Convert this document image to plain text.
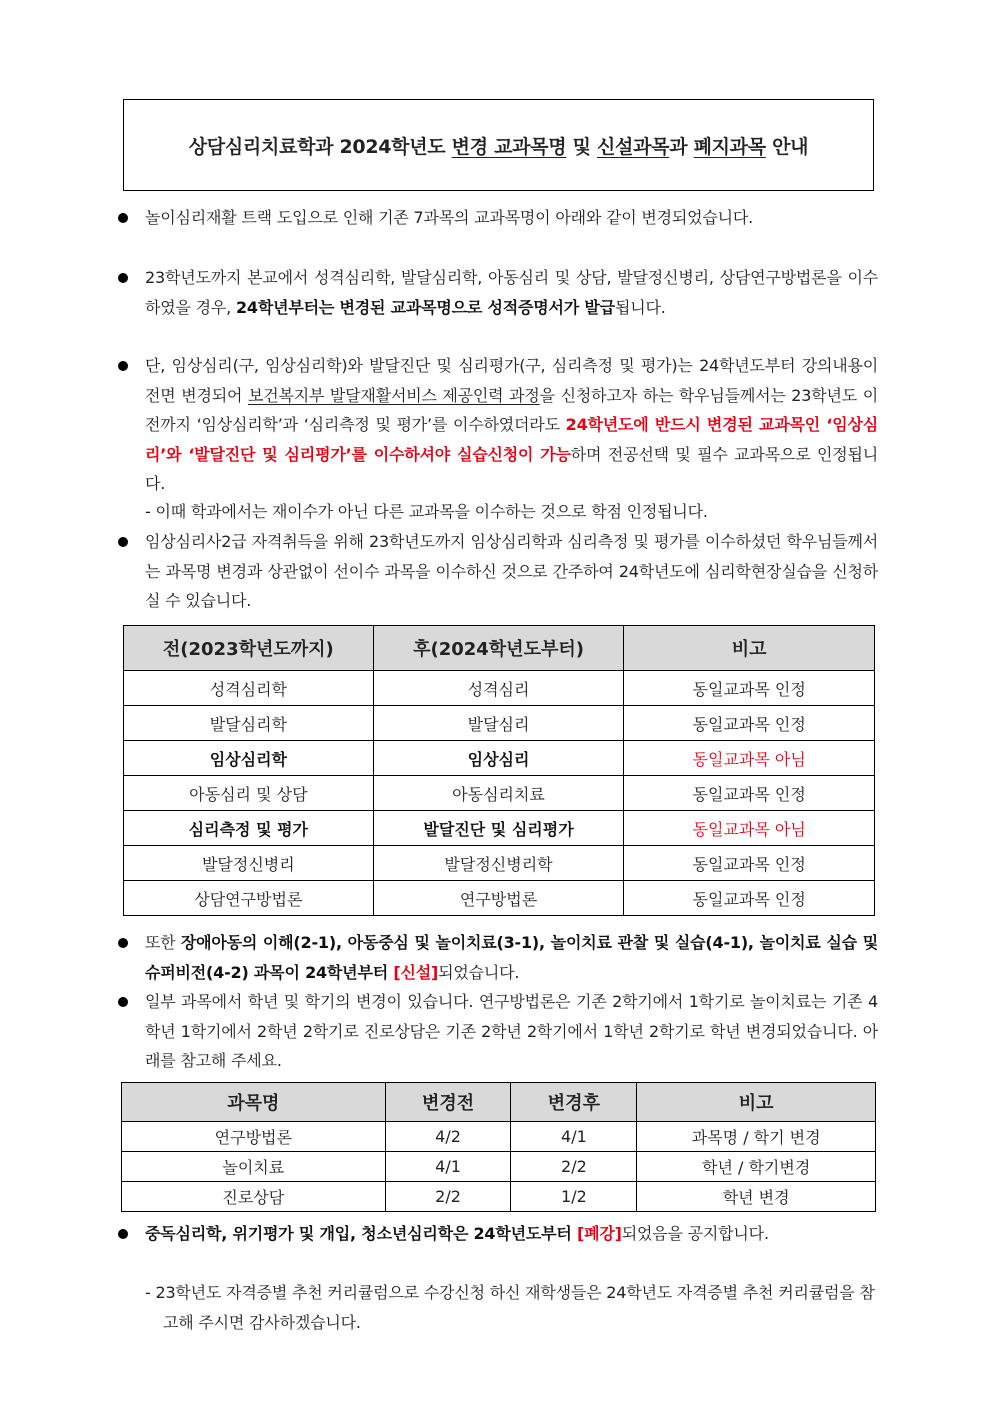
상담심리치료학과 2024학년도 변경 교과목명 및 신설과목과 폐지과목 안내
놀이심리재활 트랙 도입으로 인해 기존 7과목의 교과목명이 아래와 같이 변경되었습니다.
23학년도까지 본교에서 성격심리학, 발달심리학, 아동심리 및 상담, 발달정신병리, 상담연구방법론을 이수하였을 경우, 24학년부터는 변경된 교과목명으로 성적증명서가 발급됩니다.
단, 임상심리(구, 임상심리학)와 발달진단 및 심리평가(구, 심리측정 및 평가)는 24학년도부터 강의내용이 전면 변경되어 보건복지부 발달재활서비스 제공인력 과정을 신청하고자 하는 학우님들께서는 23학년도 이전까지 ‘임상심리학’과 ‘심리측정 및 평가’를 이수하였더라도 24학년도에 반드시 변경된 교과목인 ‘임상심리’와 ‘발달진단 및 심리평가’를 이수하셔야 실습신청이 가능하며 전공선택 및 필수 교과목으로 인정됩니다.
- 이때 학과에서는 재이수가 아닌 다른 교과목을 이수하는 것으로 학점 인정됩니다.
임상심리사2급 자격취득을 위해 23학년도까지 임상심리학과 심리측정 및 평가를 이수하셨던 학우님들께서는 과목명 변경과 상관없이 선이수 과목을 이수하신 것으로 간주하여 24학년도에 심리학현장실습을 신청하실 수 있습니다.
전(2023학년도까지)	후(2024학년도부터)	비고
성격심리학	성격심리	동일교과목 인정
발달심리학	발달심리	동일교과목 인정
임상심리학	임상심리	동일교과목 아님
아동심리 및 상담	아동심리치료	동일교과목 인정
심리측정 및 평가	발달진단 및 심리평가	동일교과목 아님
발달정신병리	발달정신병리학	동일교과목 인정
상담연구방법론	연구방법론	동일교과목 인정
또한 장애아동의 이해(2-1), 아동중심 및 놀이치료(3-1), 놀이치료 관찰 및 실습(4-1), 놀이치료 실습 및 슈퍼비전(4-2) 과목이 24학년부터 [신설]되었습니다.
일부 과목에서 학년 및 학기의 변경이 있습니다. 연구방법론은 기존 2학기에서 1학기로 놀이치료는 기존 4학년 1학기에서 2학년 2학기로 진로상담은 기존 2학년 2학기에서 1학년 2학기로 학년 변경되었습니다. 아래를 참고해 주세요.
과목명	변경전	변경후	비고
연구방법론	4/2	4/1	과목명 / 학기 변경
놀이치료	4/1	2/2	학년 / 학기변경
진로상담	2/2	1/2	학년 변경
중독심리학, 위기평가 및 개입, 청소년심리학은 24학년도부터 [폐강]되었음을 공지합니다.
- 23학년도 자격증별 추천 커리큘럼으로 수강신청 하신 재학생들은 24학년도 자격증별 추천 커리큘럼을 참고해 주시면 감사하겠습니다.
